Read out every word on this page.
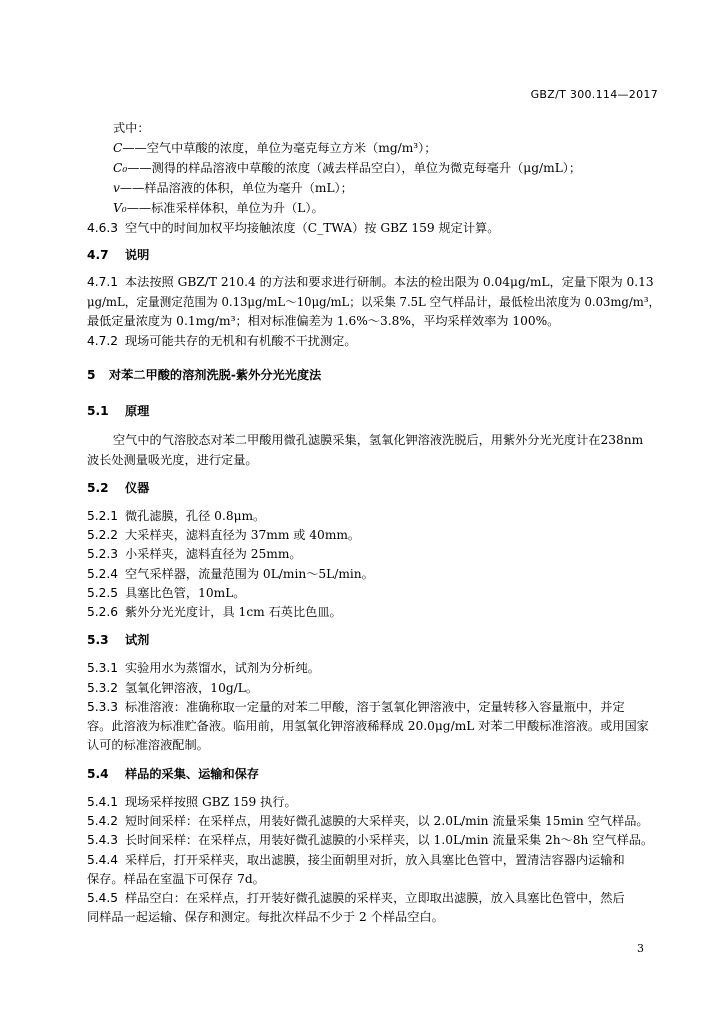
GBZ/T 300.114—2017
式中：
C——空气中草酸的浓度，单位为毫克每立方米（mg/m³）；
C₀——测得的样品溶液中草酸的浓度（减去样品空白），单位为微克每毫升（μg/mL）；
v——样品溶液的体积，单位为毫升（mL）；
V₀——标准采样体积，单位为升（L）。
4.6.3 空气中的时间加权平均接触浓度（C_TWA）按 GBZ 159 规定计算。
4.7 说明
4.7.1 本法按照 GBZ/T 210.4 的方法和要求进行研制。本法的检出限为 0.04μg/mL，定量下限为 0.13
μg/mL，定量测定范围为 0.13μg/mL～10μg/mL；以采集 7.5L 空气样品计，最低检出浓度为 0.03mg/m³，
最低定量浓度为 0.1mg/m³；相对标准偏差为 1.6%～3.8%，平均采样效率为 100%。
4.7.2 现场可能共存的无机和有机酸不干扰测定。
5 对苯二甲酸的溶剂洗脱-紫外分光光度法
5.1 原理
空气中的气溶胶态对苯二甲酸用微孔滤膜采集，氢氧化钾溶液洗脱后，用紫外分光光度计在238nm
波长处测量吸光度，进行定量。
5.2 仪器
5.2.1 微孔滤膜，孔径 0.8μm。
5.2.2 大采样夹，滤料直径为 37mm 或 40mm。
5.2.3 小采样夹，滤料直径为 25mm。
5.2.4 空气采样器，流量范围为 0L/min～5L/min。
5.2.5 具塞比色管，10mL。
5.2.6 紫外分光光度计，具 1cm 石英比色皿。
5.3 试剂
5.3.1 实验用水为蒸馏水，试剂为分析纯。
5.3.2 氢氧化钾溶液，10g/L。
5.3.3 标准溶液：准确称取一定量的对苯二甲酸，溶于氢氧化钾溶液中，定量转移入容量瓶中，并定
容。此溶液为标准贮备液。临用前，用氢氧化钾溶液稀释成 20.0μg/mL 对苯二甲酸标准溶液。或用国家
认可的标准溶液配制。
5.4 样品的采集、运输和保存
5.4.1 现场采样按照 GBZ 159 执行。
5.4.2 短时间采样：在采样点，用装好微孔滤膜的大采样夹，以 2.0L/min 流量采集 15min 空气样品。
5.4.3 长时间采样：在采样点，用装好微孔滤膜的小采样夹，以 1.0L/min 流量采集 2h～8h 空气样品。
5.4.4 采样后，打开采样夹，取出滤膜，接尘面朝里对折，放入具塞比色管中，置清洁容器内运输和
保存。样品在室温下可保存 7d。
5.4.5 样品空白：在采样点，打开装好微孔滤膜的采样夹，立即取出滤膜，放入具塞比色管中，然后
同样品一起运输、保存和测定。每批次样品不少于 2 个样品空白。
3
